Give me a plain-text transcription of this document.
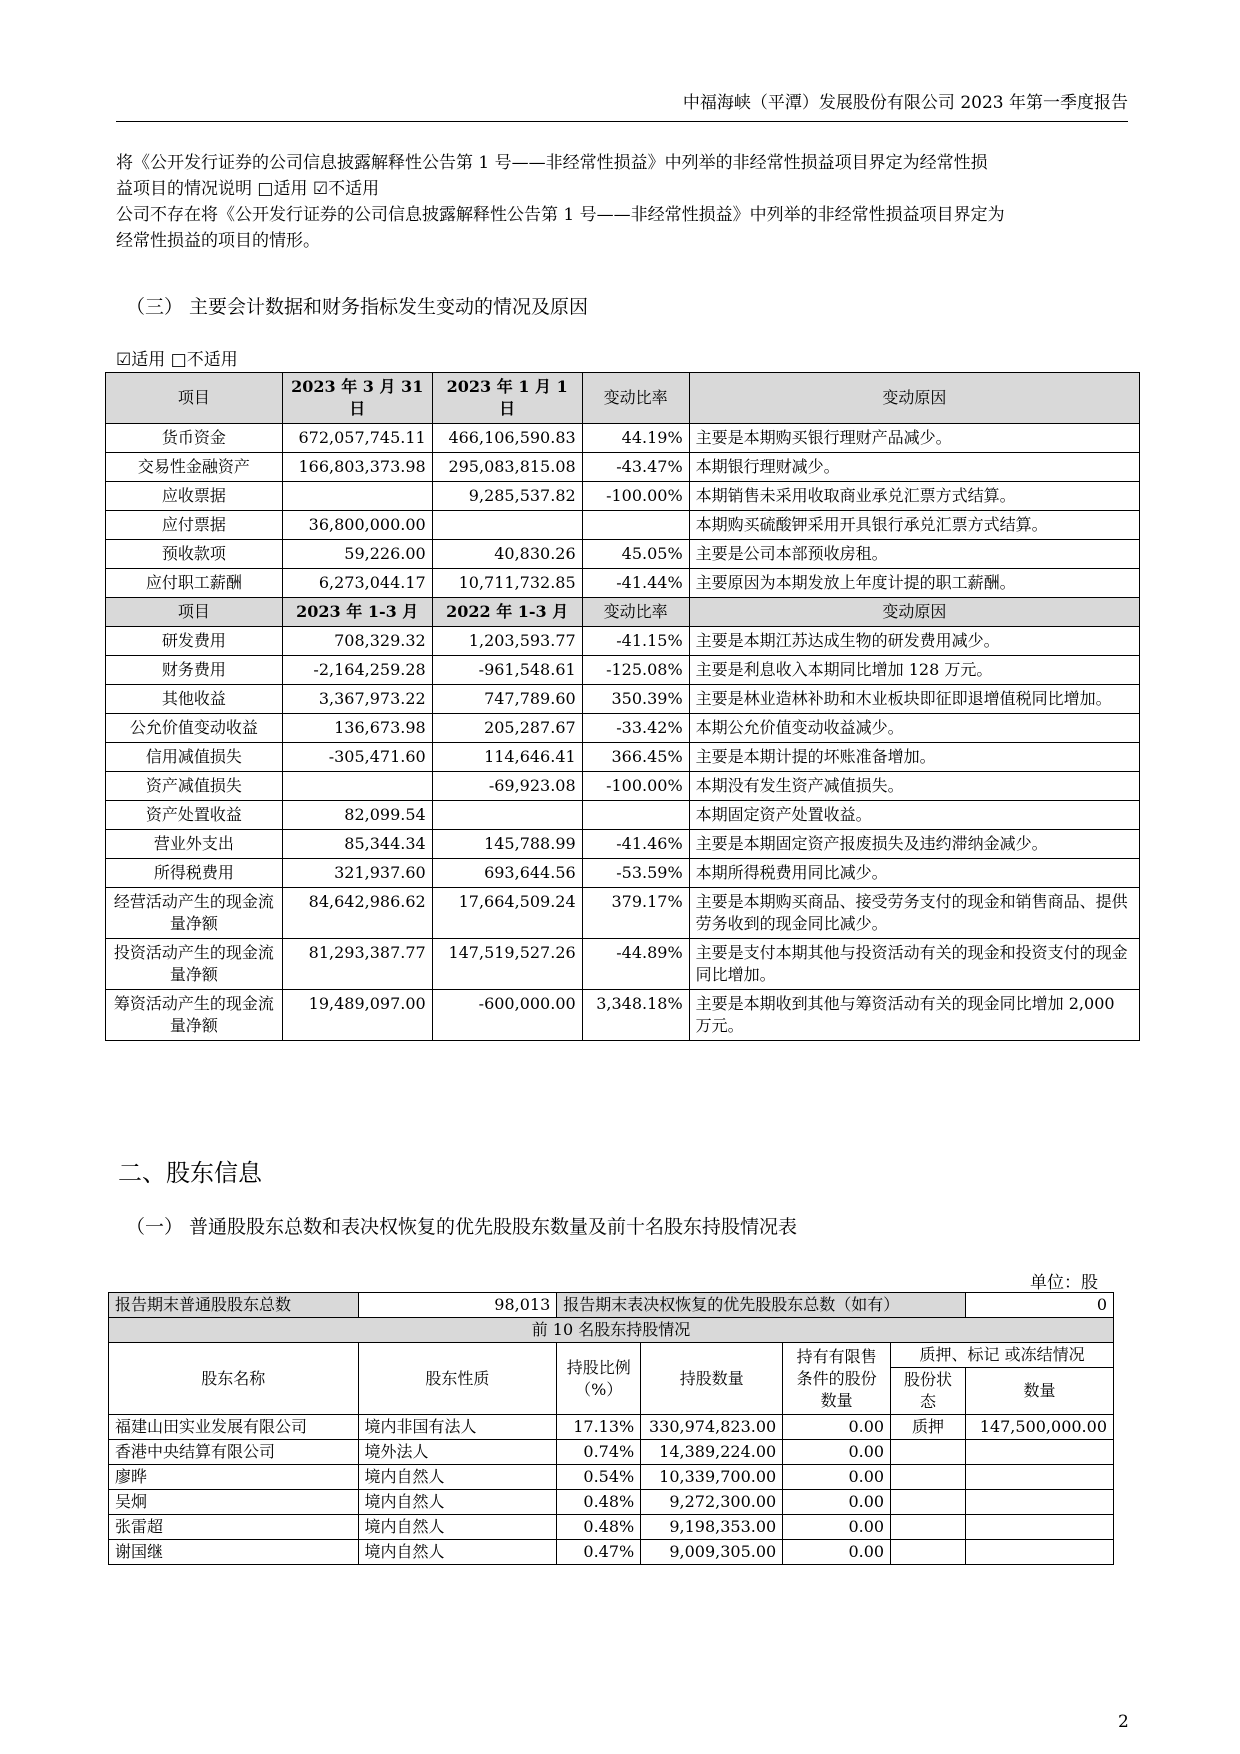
中福海峡（平潭）发展股份有限公司 2023 年第一季度报告
将《公开发行证券的公司信息披露解释性公告第 1 号——非经常性损益》中列举的非经常性损益项目界定为经常性损
益项目的情况说明 □适用 ☑不适用
公司不存在将《公开发行证券的公司信息披露解释性公告第 1 号——非经常性损益》中列举的非经常性损益项目界定为
经常性损益的项目的情形。
（三） 主要会计数据和财务指标发生变动的情况及原因
☑适用 □不适用
项目	2023 年 3 月 31 日	2023 年 1 月 1 日	变动比率	变动原因
货币资金	672,057,745.11	466,106,590.83	44.19%	主要是本期购买银行理财产品减少。
交易性金融资产	166,803,373.98	295,083,815.08	-43.47%	本期银行理财减少。
应收票据		9,285,537.82	-100.00%	本期销售未采用收取商业承兑汇票方式结算。
应付票据	36,800,000.00			本期购买硫酸钾采用开具银行承兑汇票方式结算。
预收款项	59,226.00	40,830.26	45.05%	主要是公司本部预收房租。
应付职工薪酬	6,273,044.17	10,711,732.85	-41.44%	主要原因为本期发放上年度计提的职工薪酬。
项目	2023 年 1-3 月	2022 年 1-3 月	变动比率	变动原因
研发费用	708,329.32	1,203,593.77	-41.15%	主要是本期江苏达成生物的研发费用减少。
财务费用	-2,164,259.28	-961,548.61	-125.08%	主要是利息收入本期同比增加 128 万元。
其他收益	3,367,973.22	747,789.60	350.39%	主要是林业造林补助和木业板块即征即退增值税同比增加。
公允价值变动收益	136,673.98	205,287.67	-33.42%	本期公允价值变动收益减少。
信用减值损失	-305,471.60	114,646.41	366.45%	主要是本期计提的坏账准备增加。
资产减值损失		-69,923.08	-100.00%	本期没有发生资产减值损失。
资产处置收益	82,099.54			本期固定资产处置收益。
营业外支出	85,344.34	145,788.99	-41.46%	主要是本期固定资产报废损失及违约滞纳金减少。
所得税费用	321,937.60	693,644.56	-53.59%	本期所得税费用同比减少。
经营活动产生的现金流量净额	84,642,986.62	17,664,509.24	379.17%	主要是本期购买商品、接受劳务支付的现金和销售商品、提供劳务收到的现金同比减少。
投资活动产生的现金流量净额	81,293,387.77	147,519,527.26	-44.89%	主要是支付本期其他与投资活动有关的现金和投资支付的现金同比增加。
筹资活动产生的现金流量净额	19,489,097.00	-600,000.00	3,348.18%	主要是本期收到其他与筹资活动有关的现金同比增加 2,000 万元。
二、股东信息
（一） 普通股股东总数和表决权恢复的优先股股东数量及前十名股东持股情况表
单位：股
报告期末普通股股东总数	98,013	报告期末表决权恢复的优先股股东总数（如有）				0
前 10 名股东持股情况						
股东名称	股东性质	持股比例（%）	持股数量	持有有限售条件的股份数量	质押、标记 或冻结情况	
					股份状态	数量
福建山田实业发展有限公司	境内非国有法人	17.13%	330,974,823.00	0.00	质押	147,500,000.00
香港中央结算有限公司	境外法人	0.74%	14,389,224.00	0.00		
廖晔	境内自然人	0.54%	10,339,700.00	0.00		
吴炯	境内自然人	0.48%	9,272,300.00	0.00		
张雷超	境内自然人	0.48%	9,198,353.00	0.00		
谢国继	境内自然人	0.47%	9,009,305.00	0.00		
2
